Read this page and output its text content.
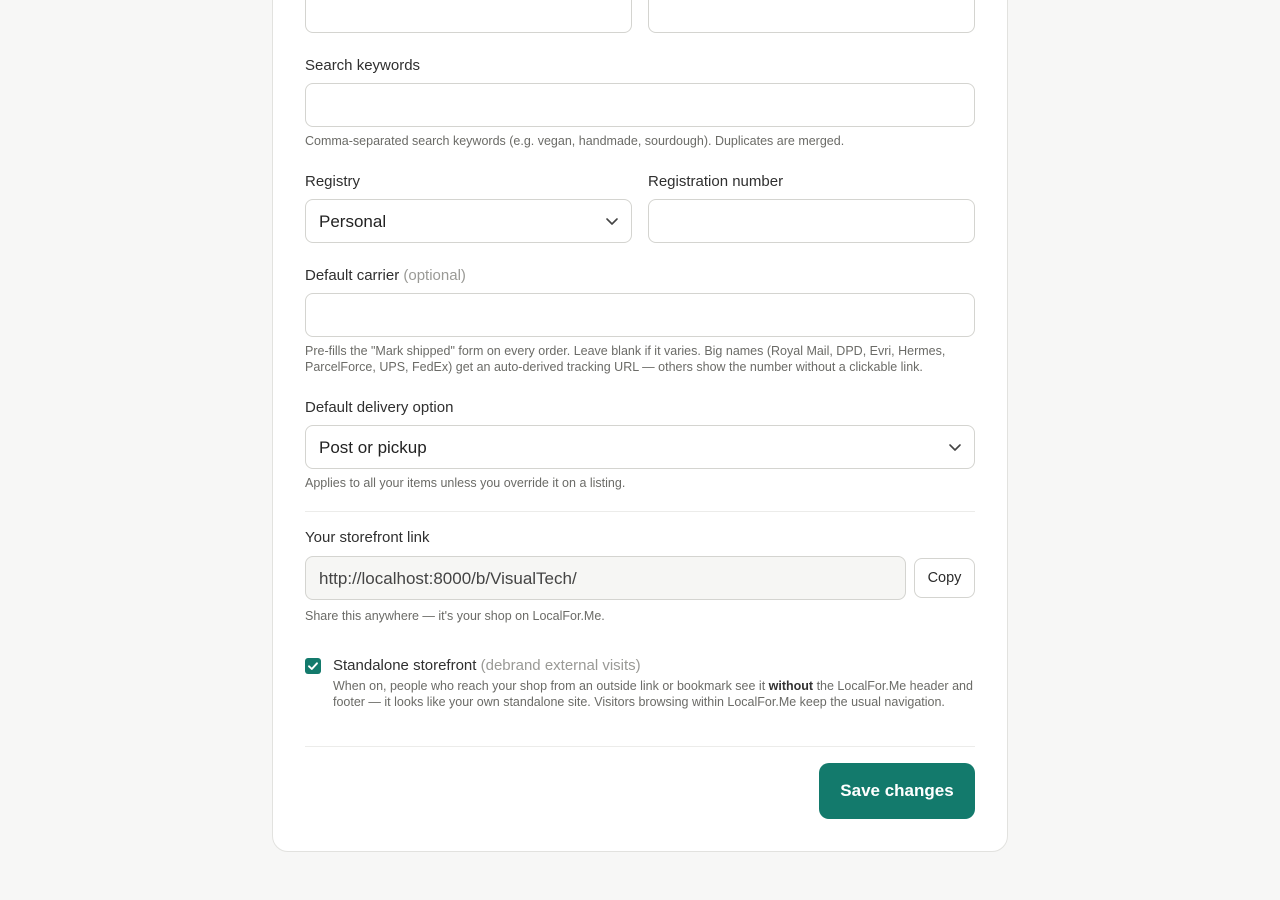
Search keywords
Comma-separated search keywords (e.g. vegan, handmade, sourdough). Duplicates are merged.
Registry
Personal
Registration number
Default carrier (optional)
Pre-fills the "Mark shipped" form on every order. Leave blank if it varies. Big names (Royal Mail, DPD, Evri, Hermes, ParcelForce, UPS, FedEx) get an auto-derived tracking URL — others show the number without a clickable link.
Default delivery option
Post or pickup
Applies to all your items unless you override it on a listing.
Your storefront link
http://localhost:8000/b/VisualTech/	Copy
Share this anywhere — it's your shop on LocalFor.Me.
Standalone storefront (debrand external visits)
When on, people who reach your shop from an outside link or bookmark see it without the LocalFor.Me header and footer — it looks like your own standalone site. Visitors browsing within LocalFor.Me keep the usual navigation.
Save changes
